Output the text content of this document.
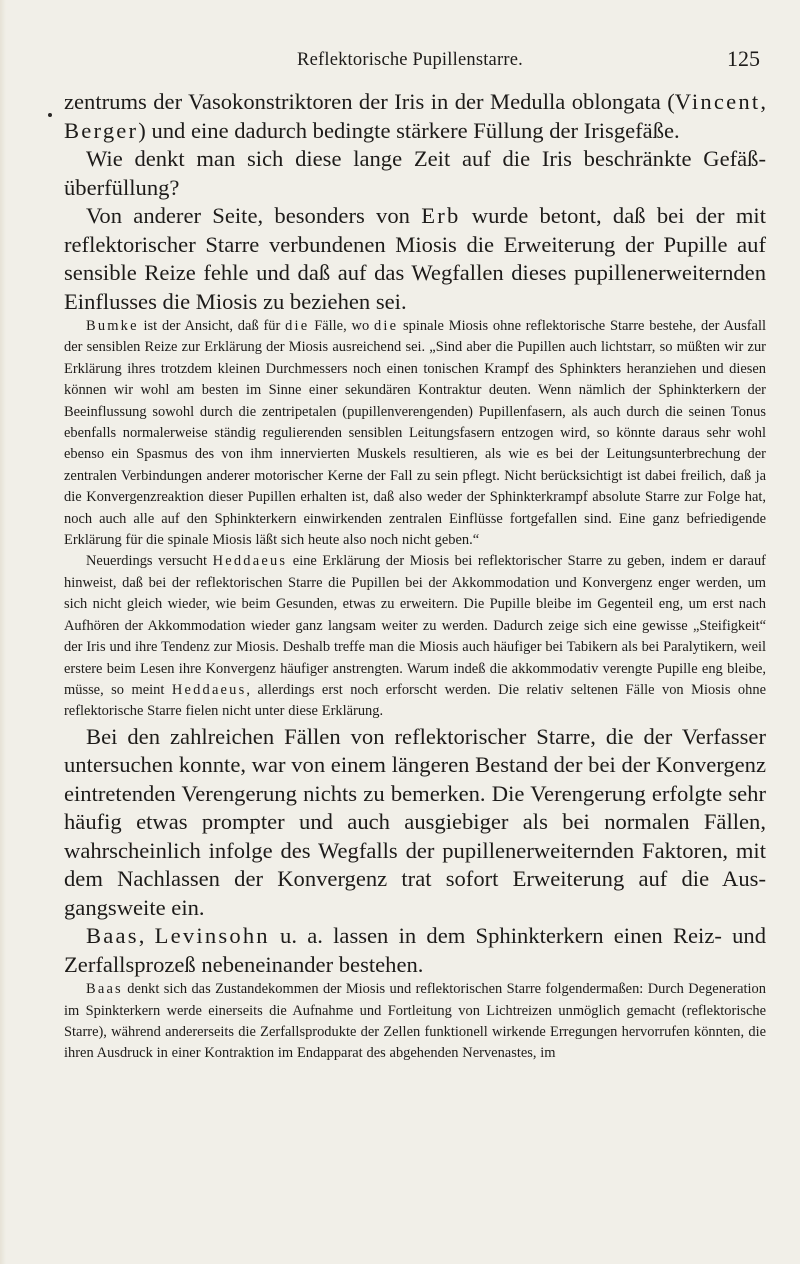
Reflektorische Pupillenstarre.	125

zentrums der Vasokonstriktoren der Iris in der Medulla oblongata (Vincent, Berger) und eine dadurch bedingte stärkere Füllung der Irisgefäße.

Wie denkt man sich diese lange Zeit auf die Iris beschränkte Gefäßüberfüllung?

Von anderer Seite, besonders von Erb wurde betont, daß bei der mit reflektorischer Starre verbundenen Miosis die Erweiterung der Pupille auf sensible Reize fehle und daß auf das Wegfallen dieses pupillenerweiternden Einflusses die Miosis zu beziehen sei.

Bumke ist der Ansicht, daß für die Fälle, wo die spinale Miosis ohne reflektorische Starre bestehe, der Ausfall der sensiblen Reize zur Erklärung der Miosis ausreichend sei. „Sind aber die Pupillen auch lichtstarr, so müßten wir zur Erklärung ihres trotzdem kleinen Durchmessers noch einen tonischen Krampf des Sphinkters heranziehen und diesen können wir wohl am besten im Sinne einer sekundären Kontraktur deuten. Wenn nämlich der Sphinkterkern der Beeinflussung sowohl durch die zentripetalen (pupillenverengenden) Pupillenfasern, als auch durch die seinen Tonus ebenfalls normalerweise ständig regulierenden sensiblen Leitungsfasern entzogen wird, so könnte daraus sehr wohl ebenso ein Spasmus des von ihm innervierten Muskels resultieren, als wie es bei der Leitungsunterbrechung der zentralen Verbindungen anderer motorischer Kerne der Fall zu sein pflegt. Nicht berücksichtigt ist dabei freilich, daß ja die Konvergenzreaktion dieser Pupillen erhalten ist, daß also weder der Sphinkterkrampf absolute Starre zur Folge hat, noch auch alle auf den Sphinkterkern einwirkenden zentralen Einflüsse fortgefallen sind. Eine ganz befriedigende Erklärung für die spinale Miosis läßt sich heute also noch nicht geben.“

Neuerdings versucht Heddaeus eine Erklärung der Miosis bei reflektorischer Starre zu geben, indem er darauf hinweist, daß bei der reflektorischen Starre die Pupillen bei der Akkommodation und Konvergenz enger werden, um sich nicht gleich wieder, wie beim Gesunden, etwas zu erweitern. Die Pupille bleibe im Gegenteil eng, um erst nach Aufhören der Akkommodation wieder ganz langsam weiter zu werden. Dadurch zeige sich eine gewisse „Steifigkeit“ der Iris und ihre Tendenz zur Miosis. Deshalb treffe man die Miosis auch häufiger bei Tabikern als bei Paralytikern, weil erstere beim Lesen ihre Konvergenz häufiger anstrengten. Warum indeß die akkommodativ verengte Pupille eng bleibe, müsse, so meint Heddaeus, allerdings erst noch erforscht werden. Die relativ seltenen Fälle von Miosis ohne reflektorische Starre fielen nicht unter diese Erklärung.

Bei den zahlreichen Fällen von reflektorischer Starre, die der Verfasser untersuchen konnte, war von einem längeren Bestand der bei der Konvergenz eintretenden Verengerung nichts zu bemerken. Die Verengerung erfolgte sehr häufig etwas prompter und auch ausgiebiger als bei normalen Fällen, wahrscheinlich infolge des Wegfalls der pupillenerweiternden Faktoren, mit dem Nachlassen der Konvergenz trat sofort Erweiterung auf die Ausgangsweite ein.

Baas, Levinsohn u. a. lassen in dem Sphinkterkern einen Reiz- und Zerfallsprozeß nebeneinander bestehen.

Baas denkt sich das Zustandekommen der Miosis und reflektorischen Starre folgendermaßen: Durch Degeneration im Spinkterkern werde einerseits die Aufnahme und Fortleitung von Lichtreizen unmöglich gemacht (reflektorische Starre), während andererseits die Zerfallsprodukte der Zellen funktionell wirkende Erregungen hervorrufen könnten, die ihren Ausdruck in einer Kontraktion im Endapparat des abgehenden Nervenastes, im
